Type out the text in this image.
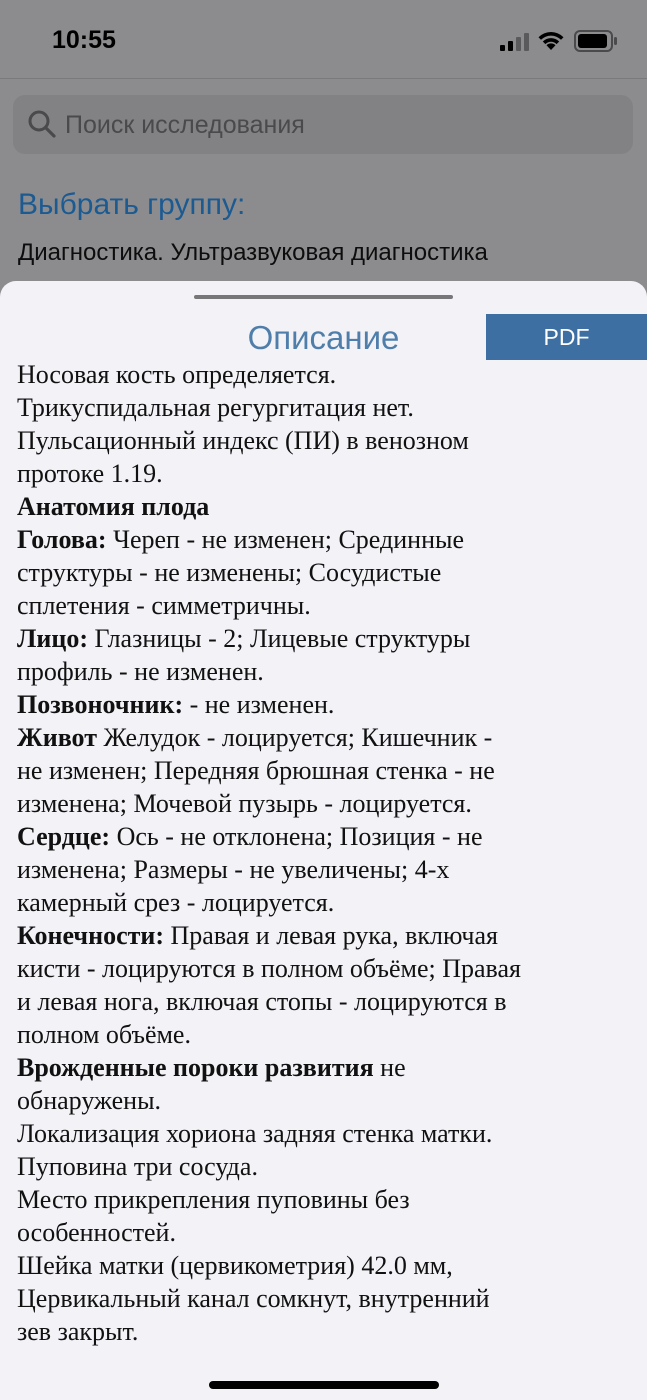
10:55
Поиск исследования
Выбрать группу:
Диагностика. Ультразвуковая диагностика
Описание	PDF

Носовая кость определяется.

Трикуспидальная регургитация нет.

Пульсационный индекс (ПИ) в венозном

протоке 1.19.

Анатомия плода

Голова: Череп - не изменен; Срединные

структуры - не изменены; Сосудистые

сплетения - симметричны.

Лицо: Глазницы - 2; Лицевые структуры

профиль - не изменен.

Позвоночник: - не изменен.

Живот Желудок - лоцируется; Кишечник -

не изменен; Передняя брюшная стенка - не

изменена; Мочевой пузырь - лоцируется.

Сердце: Ось - не отклонена; Позиция - не

изменена; Размеры - не увеличены; 4-х

камерный срез - лоцируется.

Конечности: Правая и левая рука, включая

кисти - лоцируются в полном объёме; Правая

и левая нога, включая стопы - лоцируются в

полном объёме.

Врожденные пороки развития не

обнаружены.

Локализация хориона задняя стенка матки.

Пуповина три сосуда.

Место прикрепления пуповины без

особенностей.

Шейка матки (цервикометрия) 42.0 мм,

Цервикальный канал сомкнут, внутренний

зев закрыт.
